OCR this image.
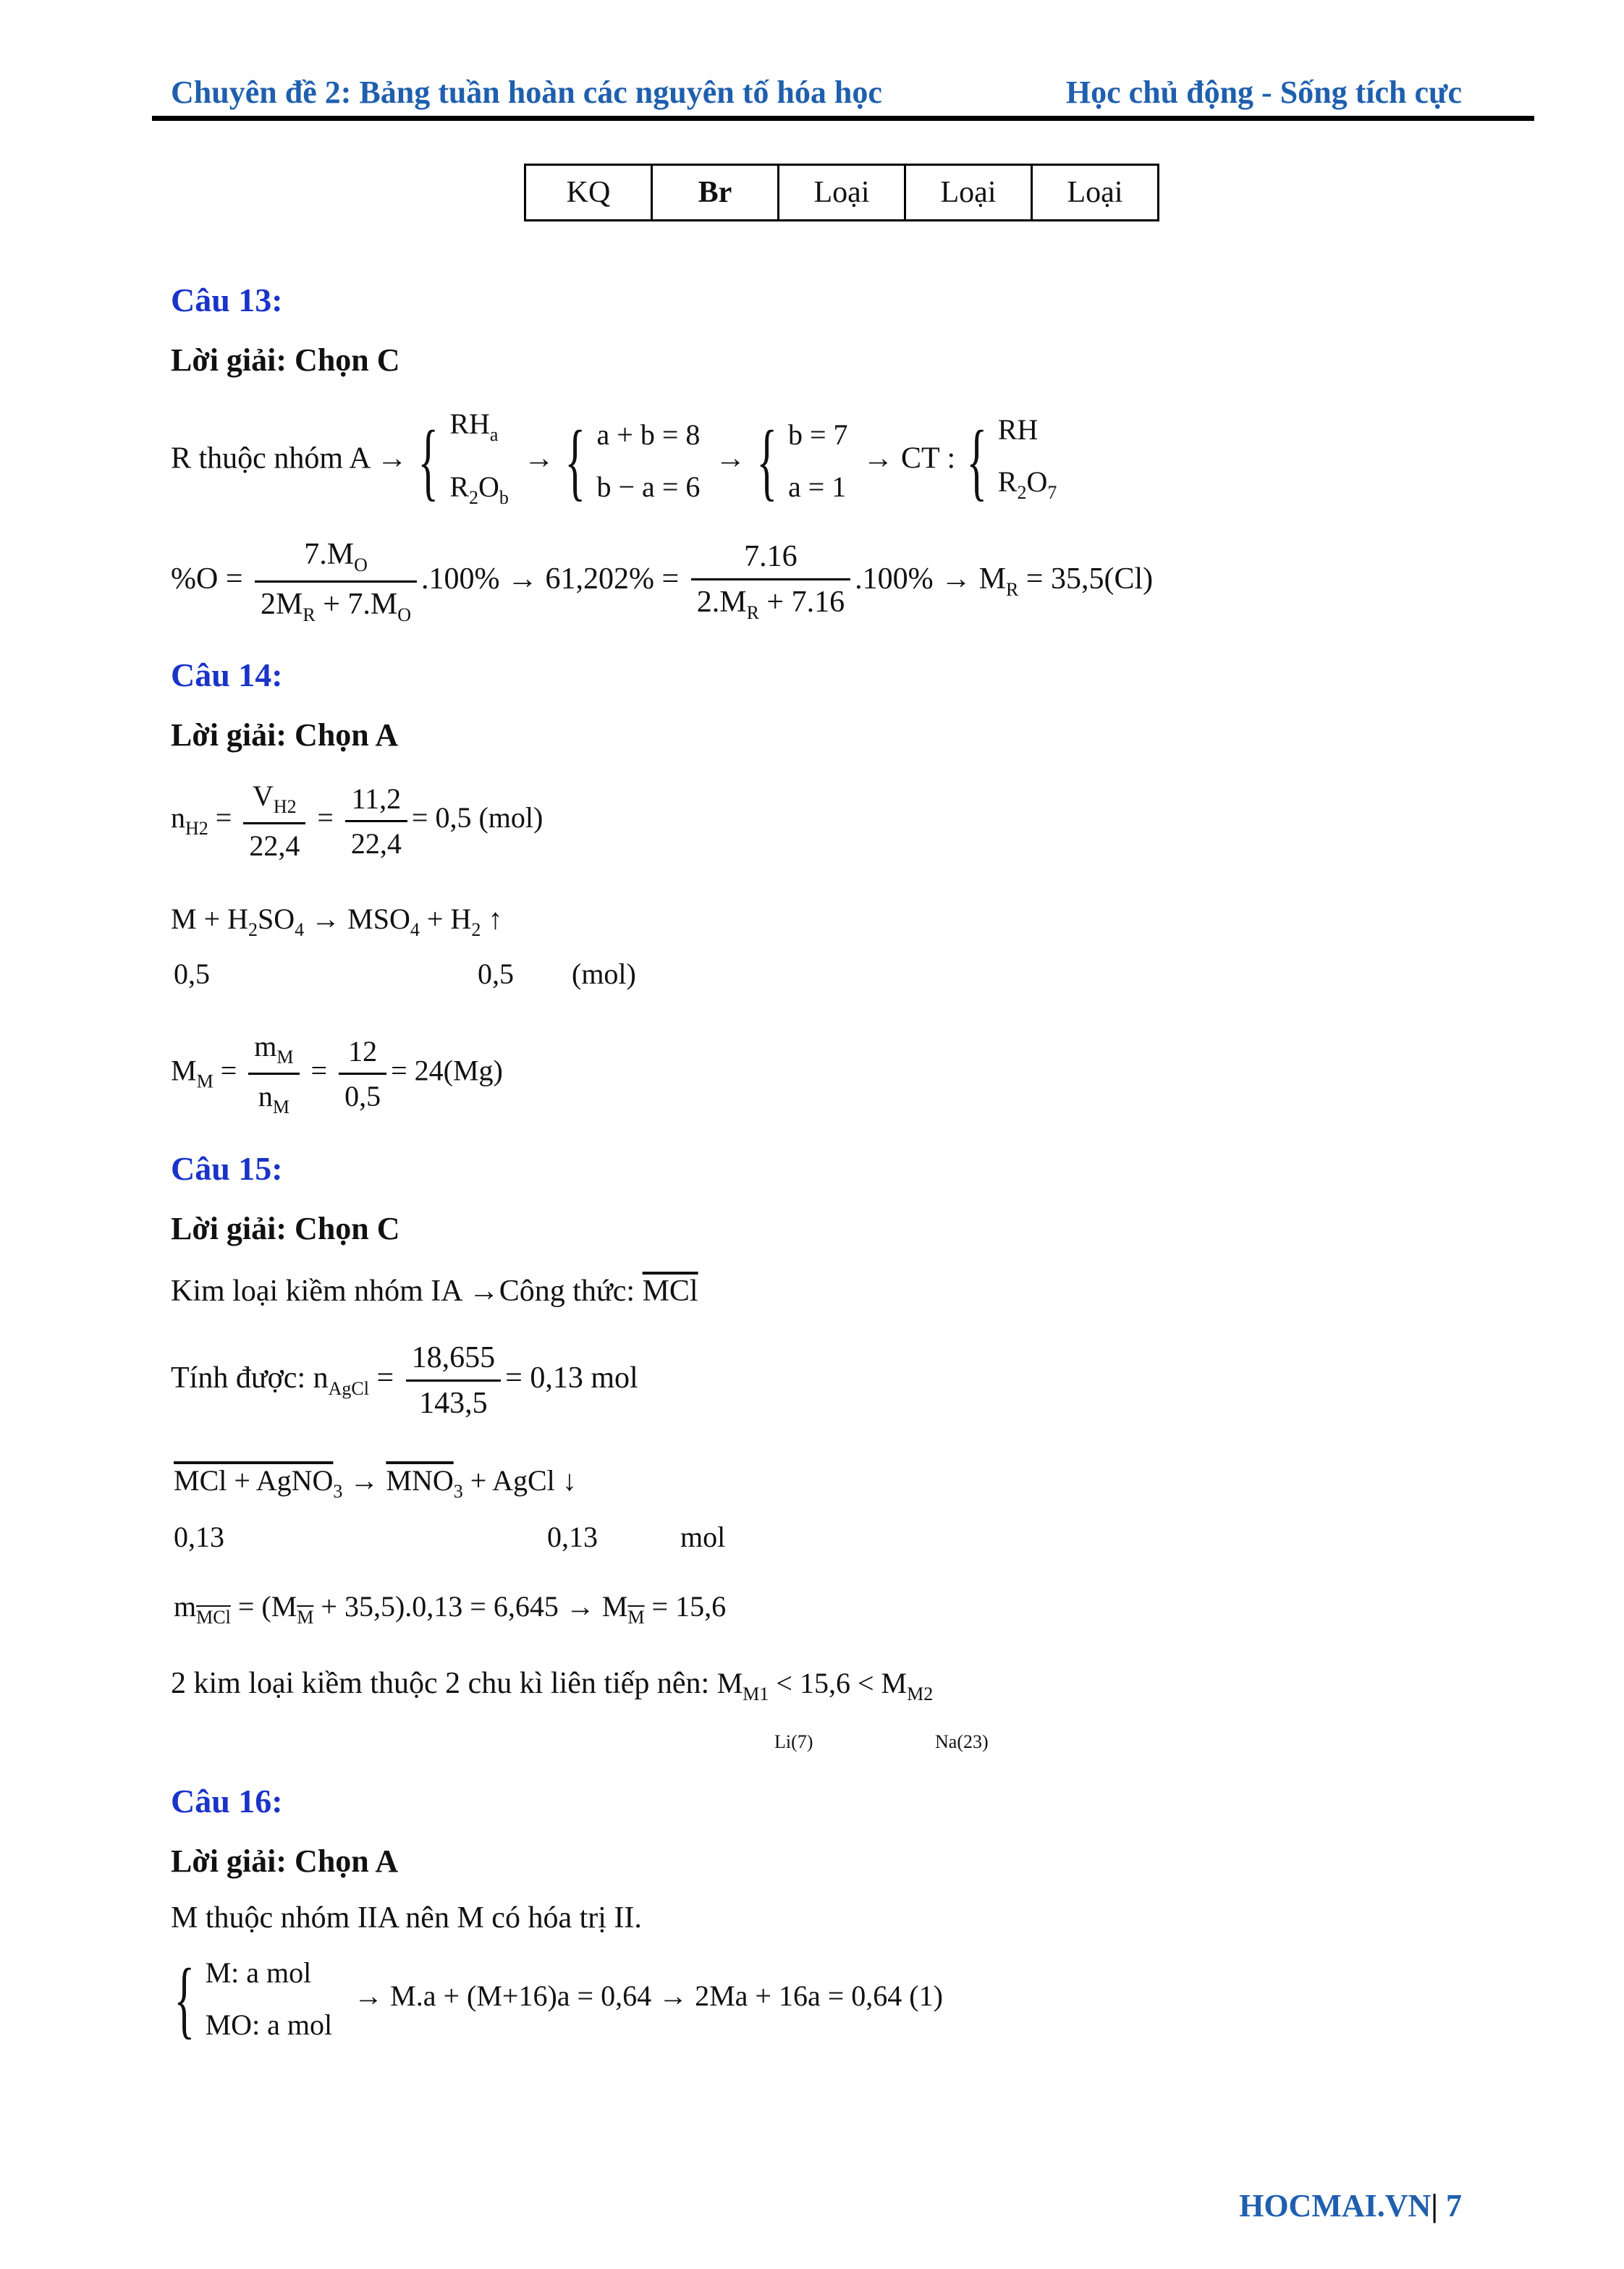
Chuyên đề 2: Bảng tuần hoàn các nguyên tố hóa học	Học chủ động - Sống tích cực
KQ	Br	Loại	Loại	Loại
Câu 13:
Lời giải: Chọn C
R thuộc nhóm A → { $RH_a$
$R_2O_b$  → { a + b = 8
b − a = 6  → { b = 7
a = 1  → CT : { RH
$R_2O_7$
$\%O = \frac{7.M_O}{2M_R + 7.M_O} .100\% \to 61,202\% = \frac{7.16}{2.M_R + 7.16} .100\% \to M_R = 35,5(Cl)$
Câu 14:
Lời giải: Chọn A
$n_{H2} = \frac{V_{H2}}{22,4} = \frac{11,2}{22,4} = 0,5$ (mol)
$M + H_2SO_4 \to MSO_4 + H_2$ ↑
0,5	0,5 (mol)
$M_M = \frac{m_M}{n_M} = \frac{12}{0,5} = 24(Mg)$
Câu 15:
Lời giải: Chọn C
Kim loại kiềm nhóm IA →Công thức: $\overline{MCl}$
Tính được: $n_{AgCl} = \frac{18,655}{143,5} = 0,13$ mol
MCl + AgNO$_3$ → $\overline{MNO}_3$ + AgCl ↓
0,13	0,13	mol
$m_{\overline{MCl}} = (M_{\overline{M}} + 35,5).0,13 = 6,645 \to M_{\overline{M}} = 15,6$
2 kim loại kiềm thuộc 2 chu kì liên tiếp nên: $M_{M1} < 15,6 < M_{M2}$
Li(7)	Na(23)
Câu 16:
Lời giải: Chọn A
M thuộc nhóm IIA nên M có hóa trị II.
{ M: a mol
MO: a mol   → M.a + (M+16)a = 0,64 → 2Ma + 16a = 0,64 (1)
HOCMAI.VN| 7
